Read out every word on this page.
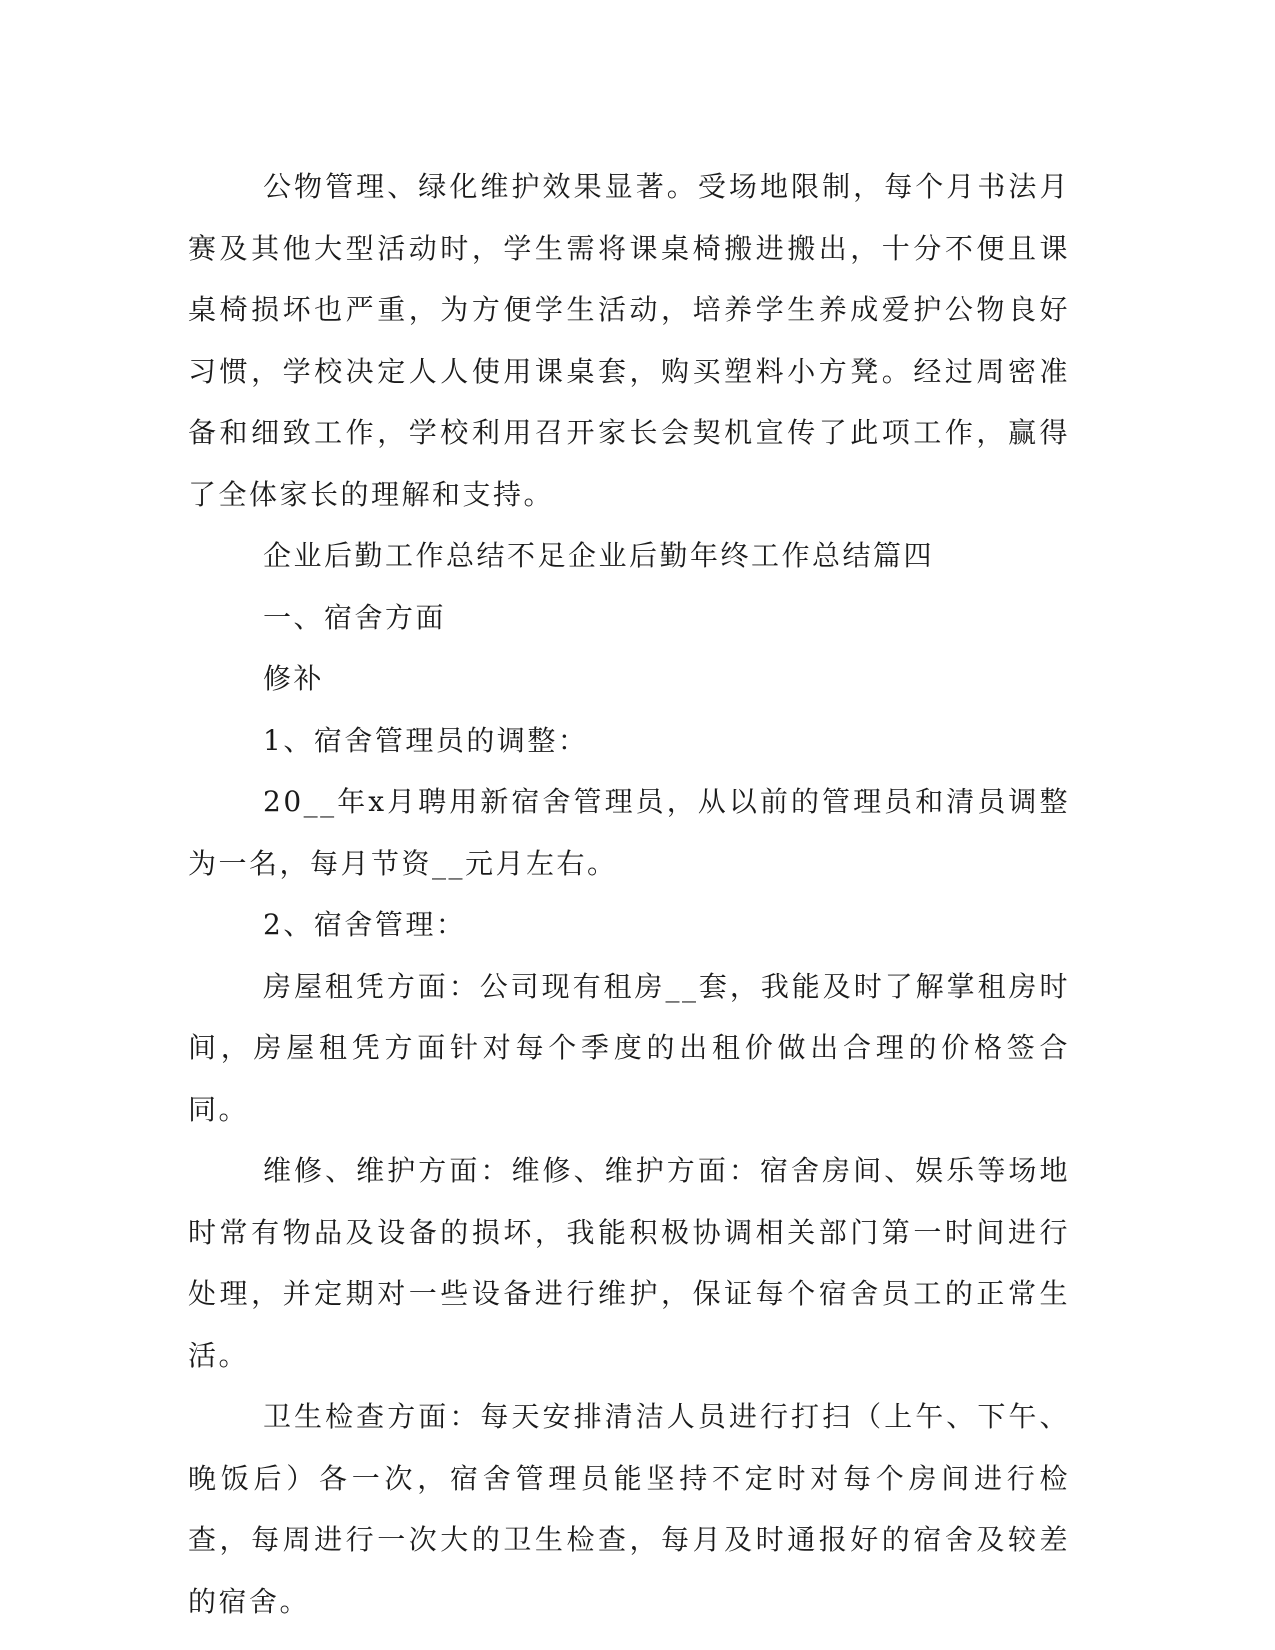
公物管理、绿化维护效果显著。受场地限制，每个月书法月赛及其他大型活动时，学生需将课桌椅搬进搬出，十分不便且课桌椅损坏也严重，为方便学生活动，培养学生养成爱护公物良好习惯，学校决定人人使用课桌套，购买塑料小方凳。经过周密准备和细致工作，学校利用召开家长会契机宣传了此项工作，赢得了全体家长的理解和支持。

企业后勤工作总结不足企业后勤年终工作总结篇四

一、宿舍方面

修补

1、宿舍管理员的调整：

20__年x月聘用新宿舍管理员，从以前的管理员和清员调整为一名，每月节资__元月左右。

2、宿舍管理：

房屋租凭方面：公司现有租房__套，我能及时了解掌租房时间，房屋租凭方面针对每个季度的出租价做出合理的价格签合同。

维修、维护方面：维修、维护方面：宿舍房间、娱乐等场地时常有物品及设备的损坏，我能积极协调相关部门第一时间进行处理，并定期对一些设备进行维护，保证每个宿舍员工的正常生活。

卫生检查方面：每天安排清洁人员进行打扫（上午、下午、晚饭后）各一次，宿舍管理员能坚持不定时对每个房间进行检查，每周进行一次大的卫生检查，每月及时通报好的宿舍及较差的宿舍。
